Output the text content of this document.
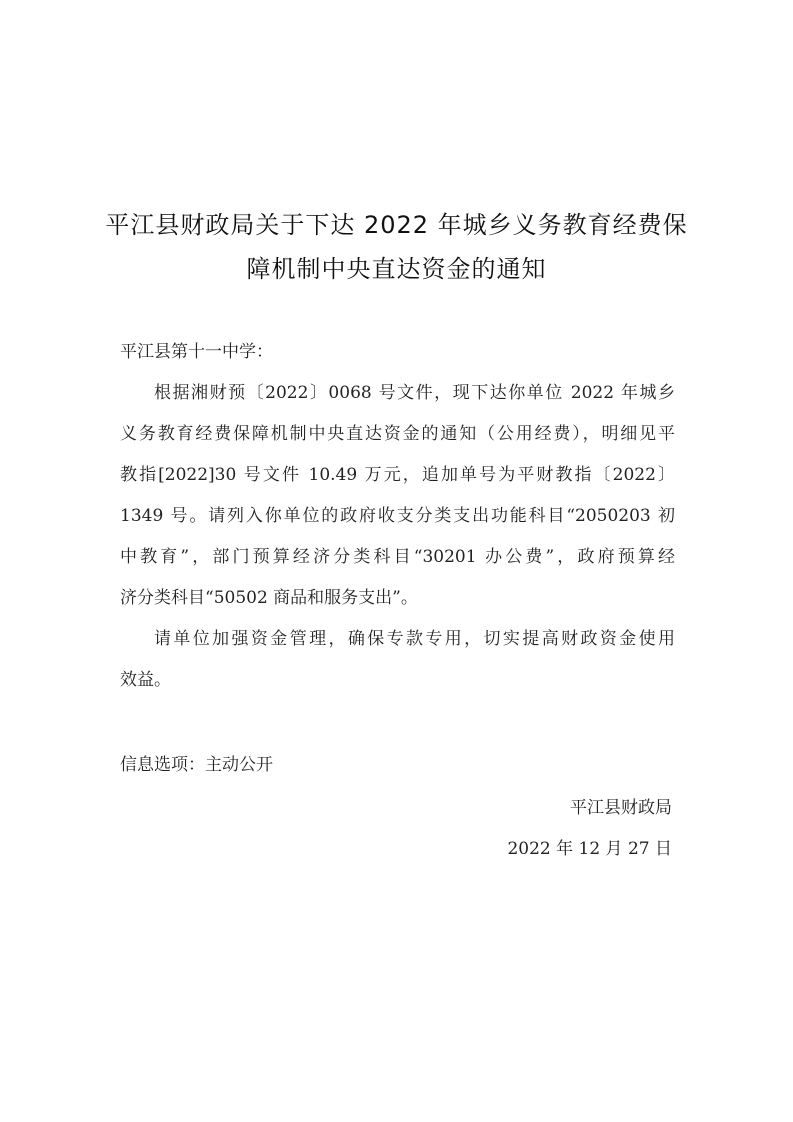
平江县财政局关于下达 2022 年城乡义务教育经费保
障机制中央直达资金的通知
平江县第十一中学：
根据湘财预〔2022〕0068 号文件，现下达你单位 2022 年城乡
义务教育经费保障机制中央直达资金的通知（公用经费），明细见平
教指[2022]30 号文件 10.49 万元，追加单号为平财教指〔2022〕
1349 号。请列入你单位的政府收支分类支出功能科目“2050203 初
中教育”，部门预算经济分类科目“30201 办公费”，政府预算经
济分类科目“50502 商品和服务支出”。
请单位加强资金管理，确保专款专用，切实提高财政资金使用
效益。
信息选项：主动公开
平江县财政局
2022 年 12 月 27 日
